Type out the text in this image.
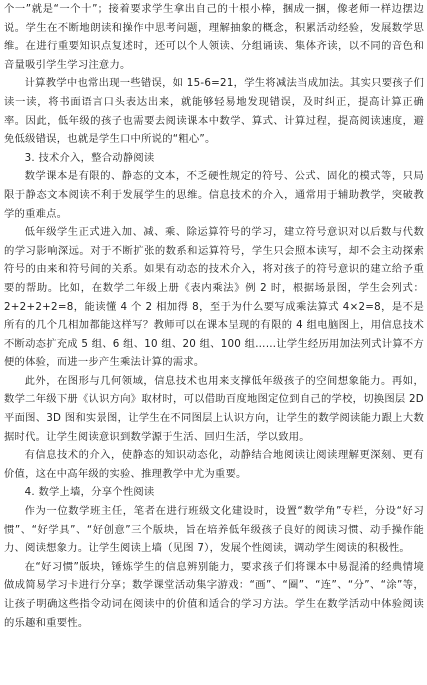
个一”就是“一个十”；接着要求学生拿出自己的十根小棒，捆成一捆，像老师一样边摆边说。学生在不断地朗读和操作中思考问题，理解抽象的概念，积累活动经验，发展数学思维。在进行重要知识点复述时，还可以个人领读、分组诵读、集体齐读，以不同的音色和音量吸引学生学习注意力。

计算教学中也常出现一些错误，如 15-6=21，学生将减法当成加法。其实只要孩子们读一读，将书面语言口头表达出来，就能够轻易地发现错误，及时纠正，提高计算正确率。因此，低年级的孩子也需要去阅读课本中数学、算式、计算过程，提高阅读速度，避免低级错误，也就是学生口中所说的“粗心”。

3. 技术介入，整合动静阅读

数学课本是有限的、静态的文本，不乏硬性规定的符号、公式、固化的模式等，只局限于静态文本阅读不利于发展学生的思维。信息技术的介入，通常用于辅助教学，突破教学的重难点。

低年级学生正式进入加、减、乘、除运算符号的学习，建立符号意识对以后数与代数的学习影响深远。对于不断扩张的数系和运算符号，学生只会照本读写，却不会主动探索符号的由来和符号间的关系。如果有动态的技术介入，将对孩子的符号意识的建立给予重要的帮助。比如，在数学二年级上册《表内乘法》例 2 时，根据场景图，学生会列式：2+2+2+2=8，能读懂 4 个 2 相加得 8，至于为什么要写成乘法算式 4×2=8，是不是所有的几个几相加都能这样写？教师可以在课本呈现的有限的 4 组电脑图上，用信息技术不断动态扩充成 5 组、6 组、10 组、20 组、100 组……让学生经历用加法列式计算不方便的体验，而进一步产生乘法计算的需求。

此外，在图形与几何领域，信息技术也用来支撑低年级孩子的空间想象能力。再如，数学二年级下册《认识方向》取材时，可以借助百度地图定位到自己的学校，切换图层 2D 平面图、3D 图和实景图，让学生在不同图层上认识方向，让学生的数学阅读能力跟上大数据时代。让学生阅读意识到数学源于生活、回归生活，学以致用。

有信息技术的介入，使静态的知识动态化，动静结合地阅读让阅读理解更深刻、更有价值，这在中高年级的实验、推理教学中尤为重要。

4. 数学上墙，分享个性阅读

作为一位数学班主任，笔者在进行班级文化建设时，设置“数学角”专栏，分设“好习惯”、“好学具”、“好创意”三个版块，旨在培养低年级孩子良好的阅读习惯、动手操作能力、阅读想象力。让学生阅读上墙（见图 7），发展个性阅读，调动学生阅读的积极性。

在“好习惯”版块，锤炼学生的信息辨别能力，要求孩子们将课本中易混淆的经典情境做成简易学习卡进行分享；数学课堂活动集字游戏：“画”、“圈”、“连”、“分”、“涂”等，让孩子明确这些指令动词在阅读中的价值和适合的学习方法。学生在数学活动中体验阅读的乐趣和重要性。
